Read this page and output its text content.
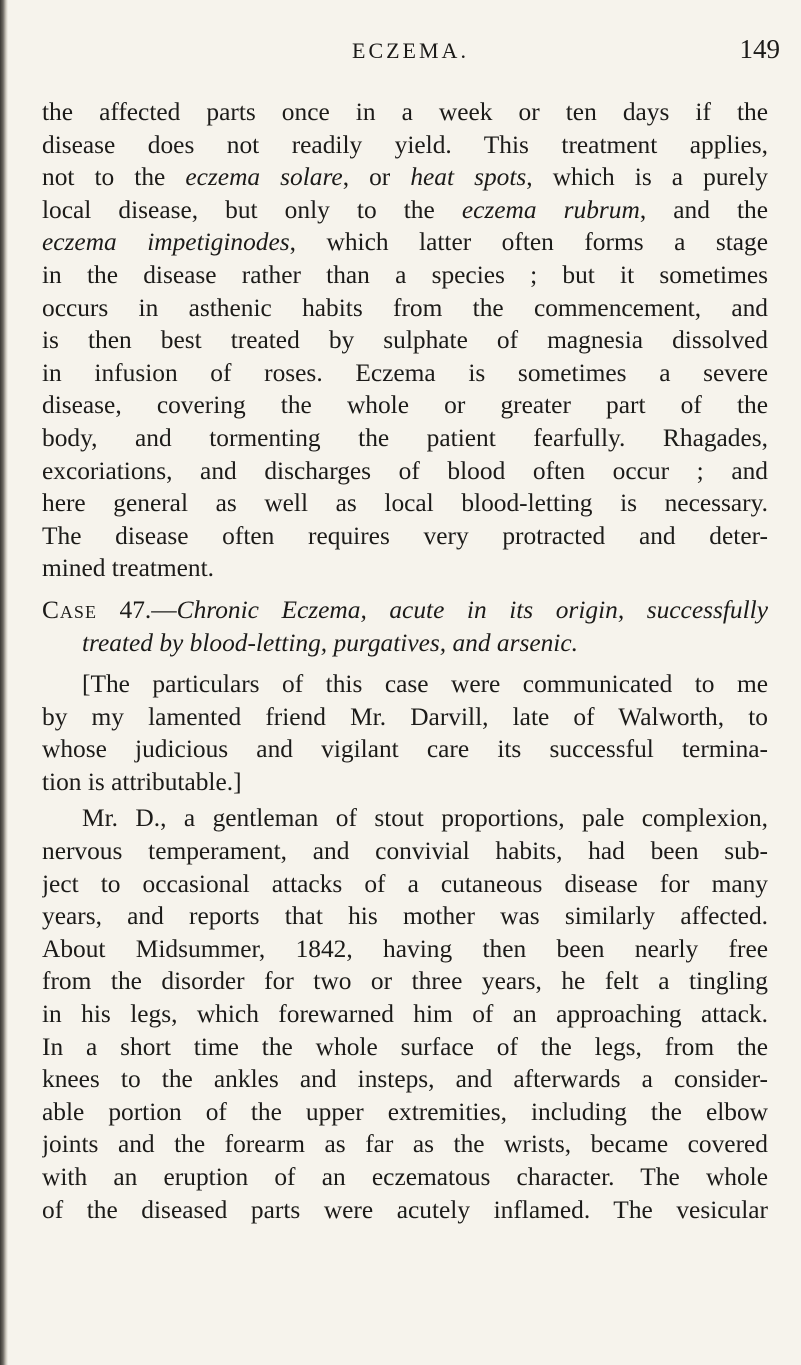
ECZEMA.	149
the affected parts once in a week or ten days if the
disease does not readily yield. This treatment applies,
not to the eczema solare, or heat spots, which is a purely
local disease, but only to the eczema rubrum, and the
eczema impetiginodes, which latter often forms a stage
in the disease rather than a species ; but it sometimes
occurs in asthenic habits from the commencement, and
is then best treated by sulphate of magnesia dissolved
in infusion of roses. Eczema is sometimes a severe
disease, covering the whole or greater part of the
body, and tormenting the patient fearfully. Rhagades,
excoriations, and discharges of blood often occur ; and
here general as well as local blood-letting is necessary.
The disease often requires very protracted and deter-
mined treatment.
Case 47.—Chronic Eczema, acute in its origin, successfully
treated by blood-letting, purgatives, and arsenic.
[The particulars of this case were communicated to me
by my lamented friend Mr. Darvill, late of Walworth, to
whose judicious and vigilant care its successful termina-
tion is attributable.]
Mr. D., a gentleman of stout proportions, pale complexion,
nervous temperament, and convivial habits, had been sub-
ject to occasional attacks of a cutaneous disease for many
years, and reports that his mother was similarly affected.
About Midsummer, 1842, having then been nearly free
from the disorder for two or three years, he felt a tingling
in his legs, which forewarned him of an approaching attack.
In a short time the whole surface of the legs, from the
knees to the ankles and insteps, and afterwards a consider-
able portion of the upper extremities, including the elbow
joints and the forearm as far as the wrists, became covered
with an eruption of an eczematous character. The whole
of the diseased parts were acutely inflamed. The vesicular
